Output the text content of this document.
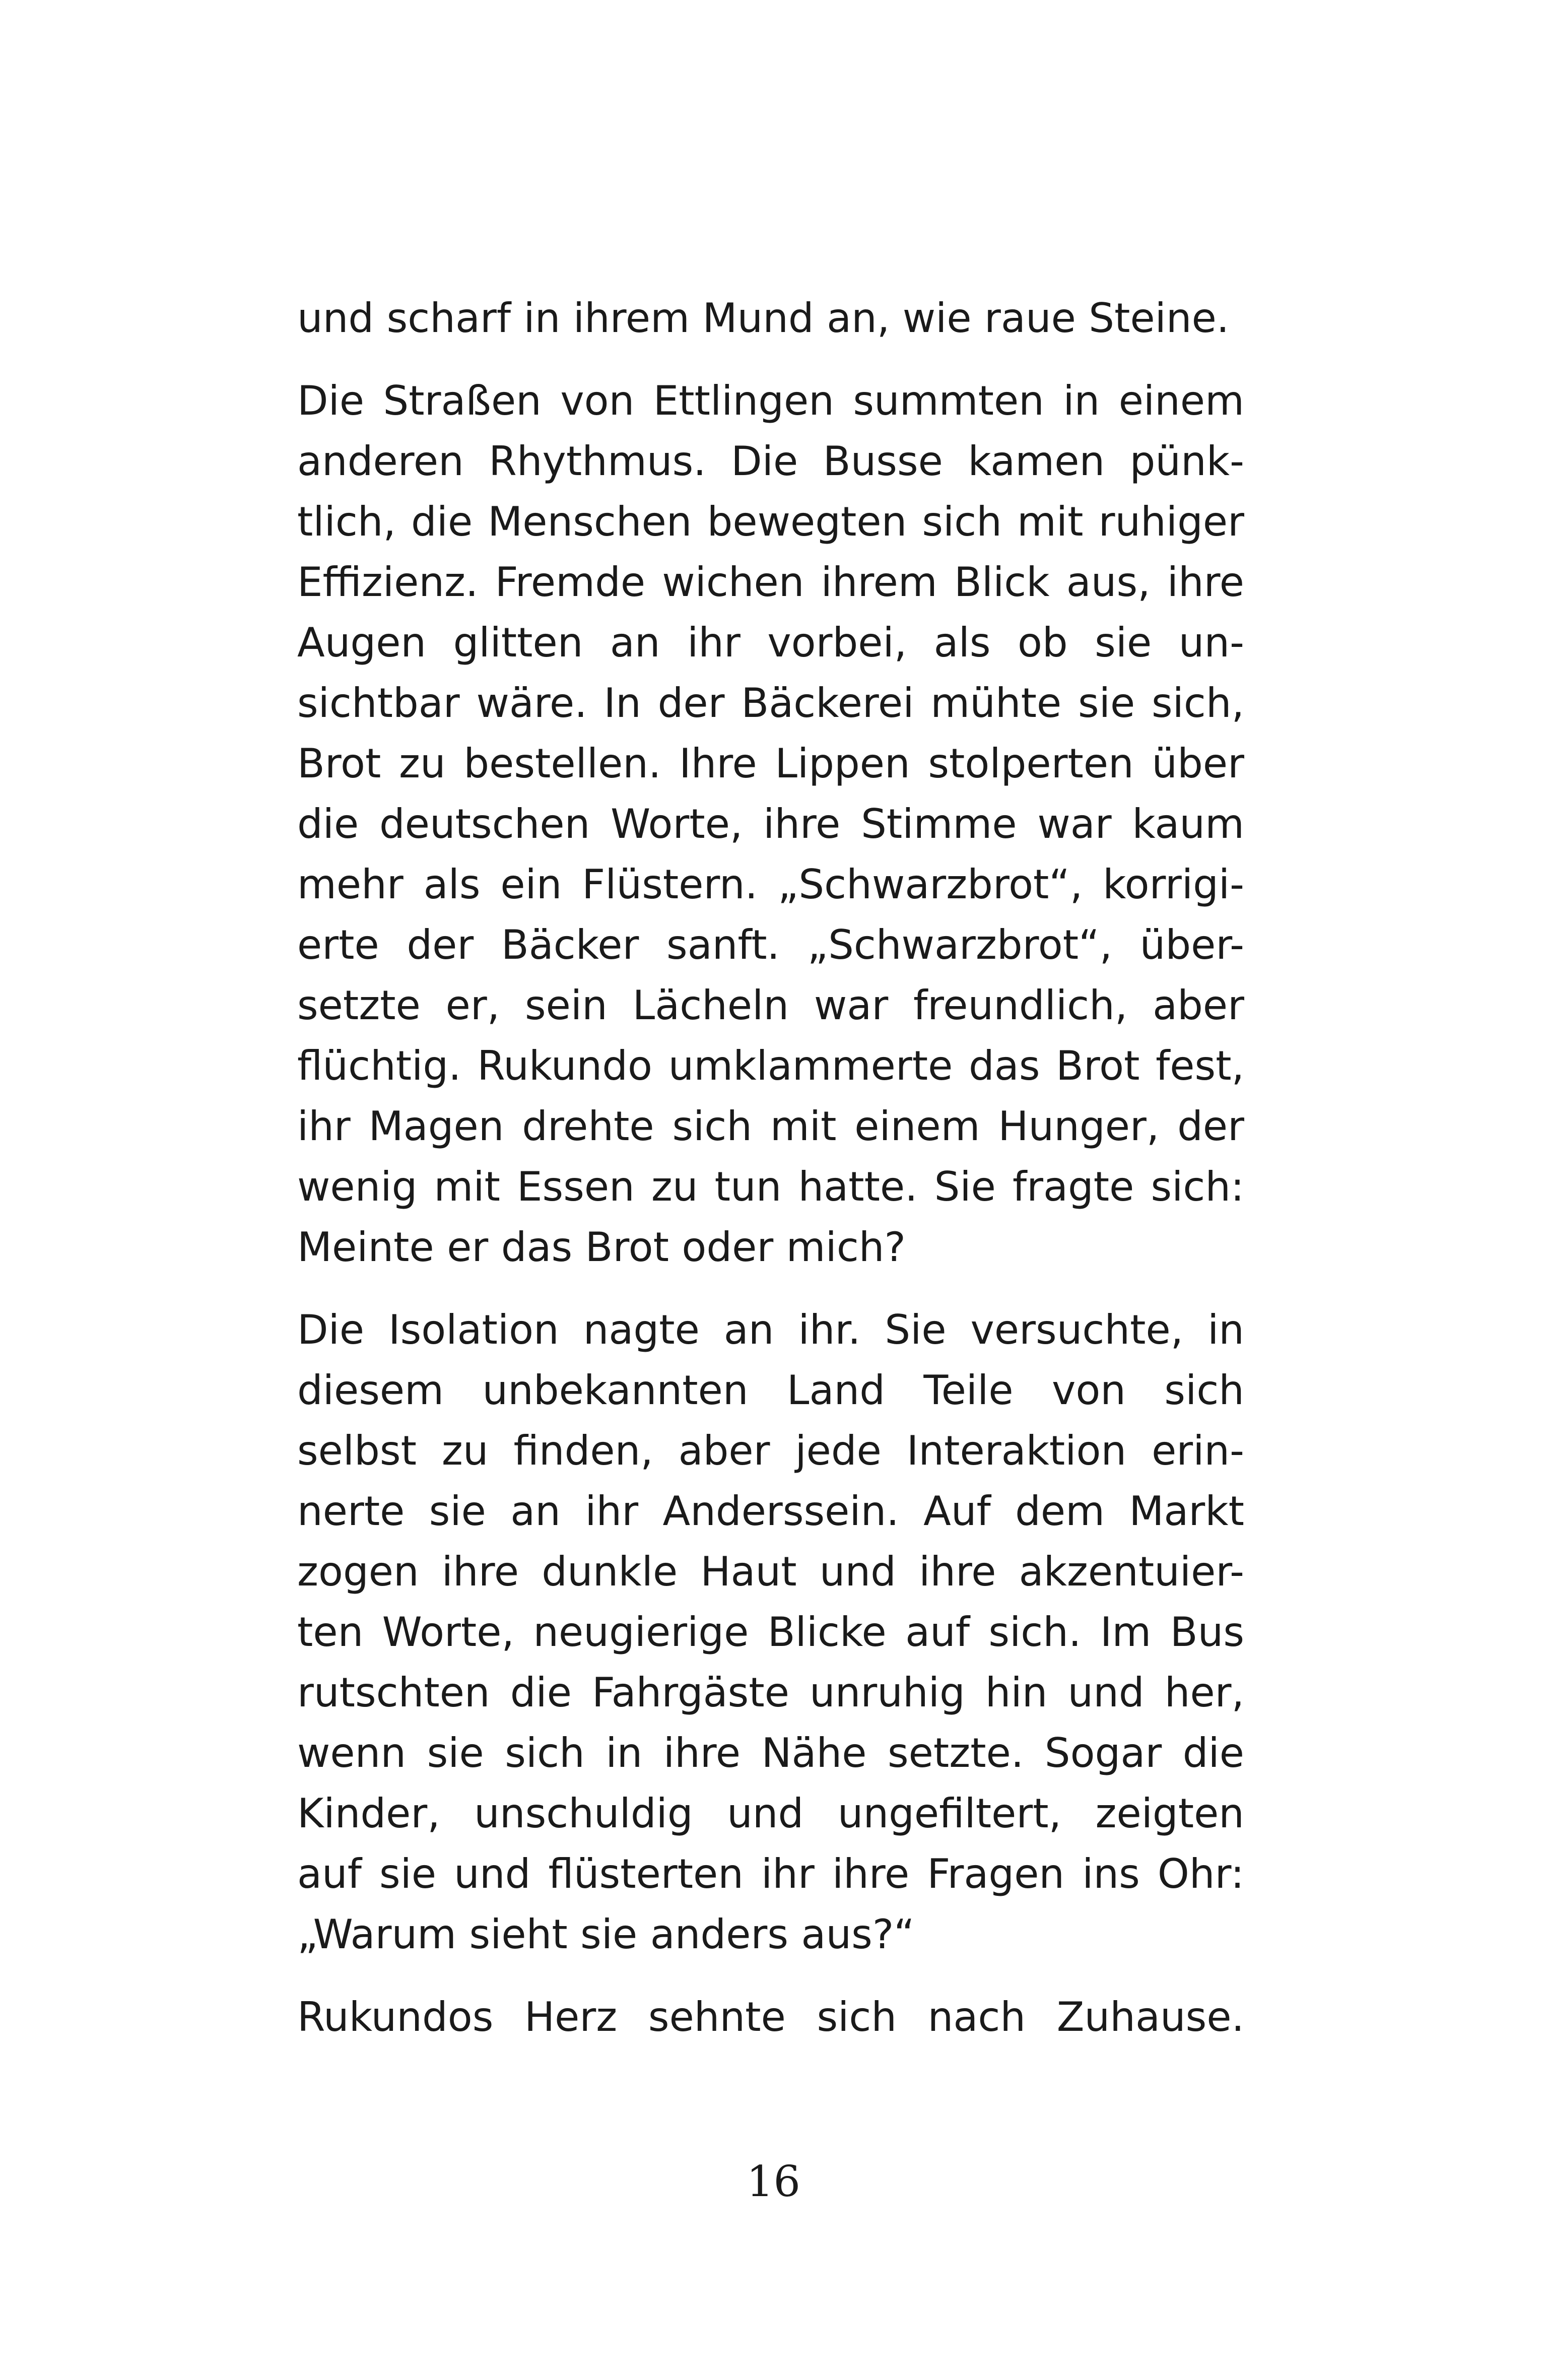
und scharf in ihrem Mund an, wie raue Steine.
Die Straßen von Ettlingen summten in einem
anderen Rhythmus. Die Busse kamen pünk-
tlich, die Menschen bewegten sich mit ruhiger
Effizienz. Fremde wichen ihrem Blick aus, ihre
Augen glitten an ihr vorbei, als ob sie un-
sichtbar wäre. In der Bäckerei mühte sie sich,
Brot zu bestellen. Ihre Lippen stolperten über
die deutschen Worte, ihre Stimme war kaum
mehr als ein Flüstern. „Schwarzbrot“, korrigi-
erte der Bäcker sanft. „Schwarzbrot“, über-
setzte er, sein Lächeln war freundlich, aber
flüchtig. Rukundo umklammerte das Brot fest,
ihr Magen drehte sich mit einem Hunger, der
wenig mit Essen zu tun hatte. Sie fragte sich:
Meinte er das Brot oder mich?
Die Isolation nagte an ihr. Sie versuchte, in
diesem unbekannten Land Teile von sich
selbst zu finden, aber jede Interaktion erin-
nerte sie an ihr Anderssein. Auf dem Markt
zogen ihre dunkle Haut und ihre akzentuier-
ten Worte, neugierige Blicke auf sich. Im Bus
rutschten die Fahrgäste unruhig hin und her,
wenn sie sich in ihre Nähe setzte. Sogar die
Kinder, unschuldig und ungefiltert, zeigten
auf sie und flüsterten ihr ihre Fragen ins Ohr:
„Warum sieht sie anders aus?“
Rukundos Herz sehnte sich nach Zuhause.
16
